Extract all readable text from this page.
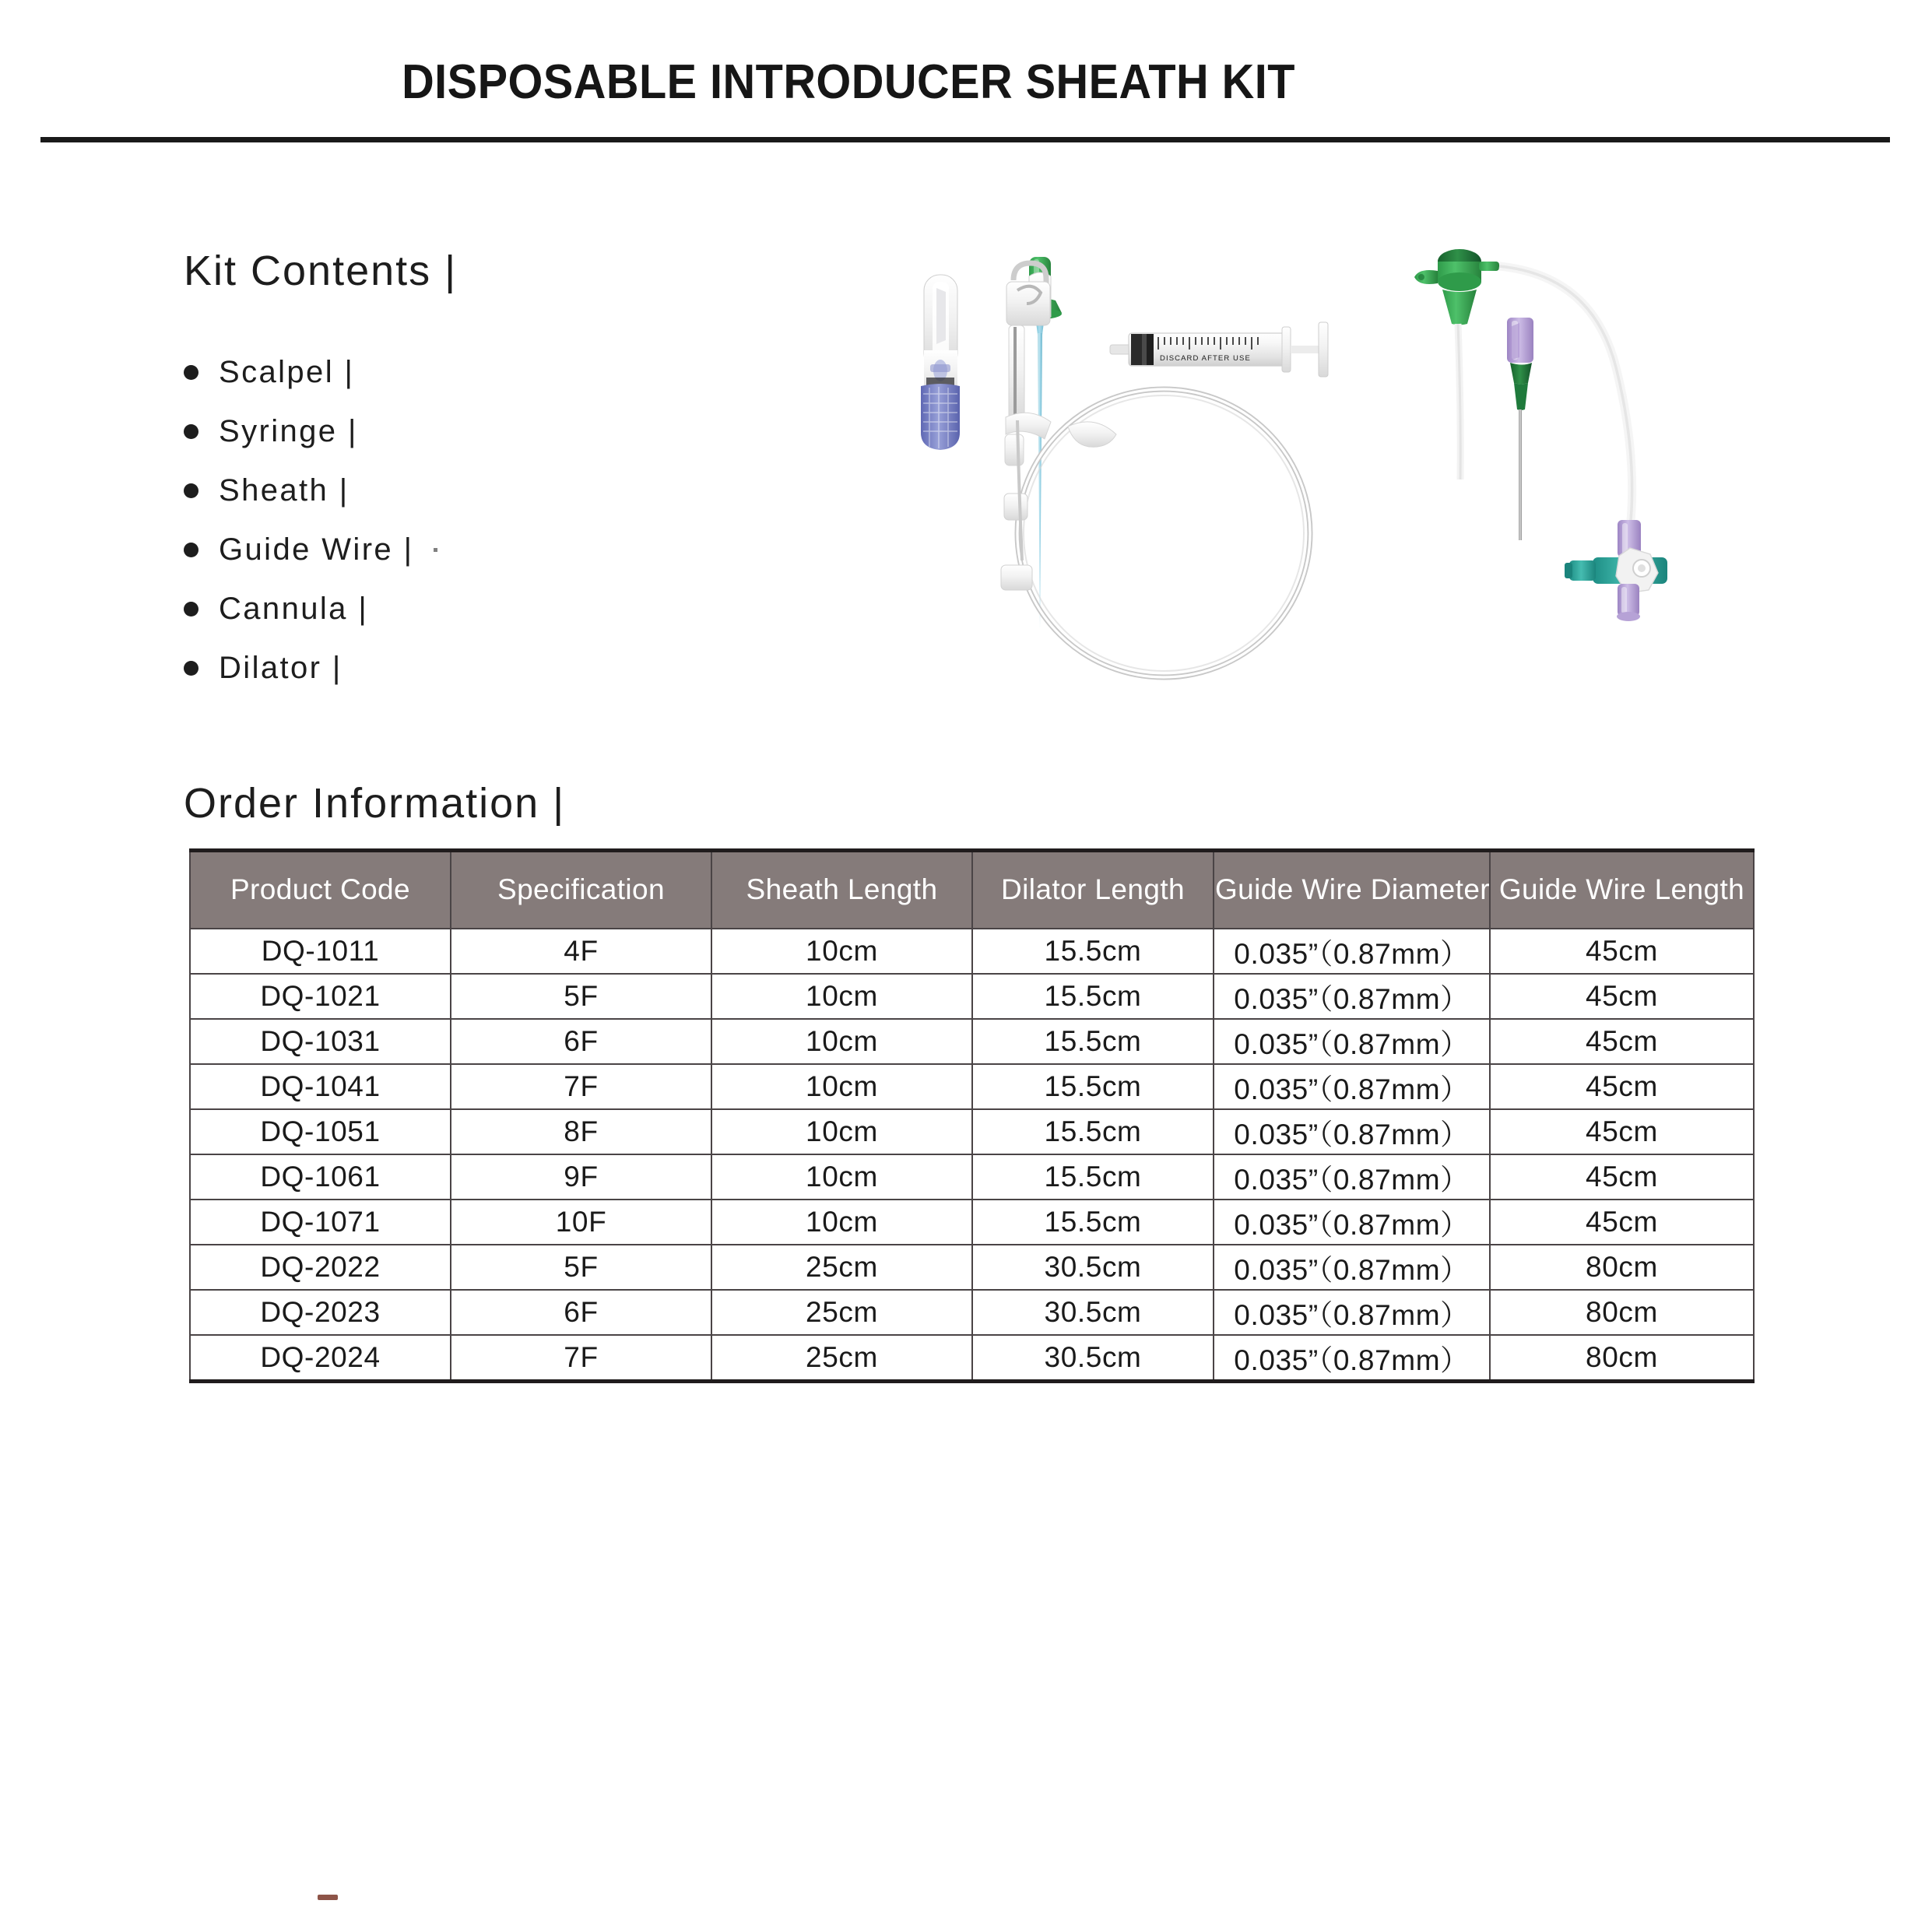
DISPOSABLE INTRODUCER SHEATH KIT
Kit Contents |
Scalpel |
Syringe |
Sheath |
Guide Wire |
Cannula |
Dilator |
DISCARD AFTER USE
Order Information |
Product Code	Specification	Sheath Length	Dilator Length	Guide Wire Diameter	Guide Wire Length
DQ-1011	4F	10cm	15.5cm	0.035”（0.87mm）	45cm
DQ-1021	5F	10cm	15.5cm	0.035”（0.87mm）	45cm
DQ-1031	6F	10cm	15.5cm	0.035”（0.87mm）	45cm
DQ-1041	7F	10cm	15.5cm	0.035”（0.87mm）	45cm
DQ-1051	8F	10cm	15.5cm	0.035”（0.87mm）	45cm
DQ-1061	9F	10cm	15.5cm	0.035”（0.87mm）	45cm
DQ-1071	10F	10cm	15.5cm	0.035”（0.87mm）	45cm
DQ-2022	5F	25cm	30.5cm	0.035”（0.87mm）	80cm
DQ-2023	6F	25cm	30.5cm	0.035”（0.87mm）	80cm
DQ-2024	7F	25cm	30.5cm	0.035”（0.87mm）	80cm
